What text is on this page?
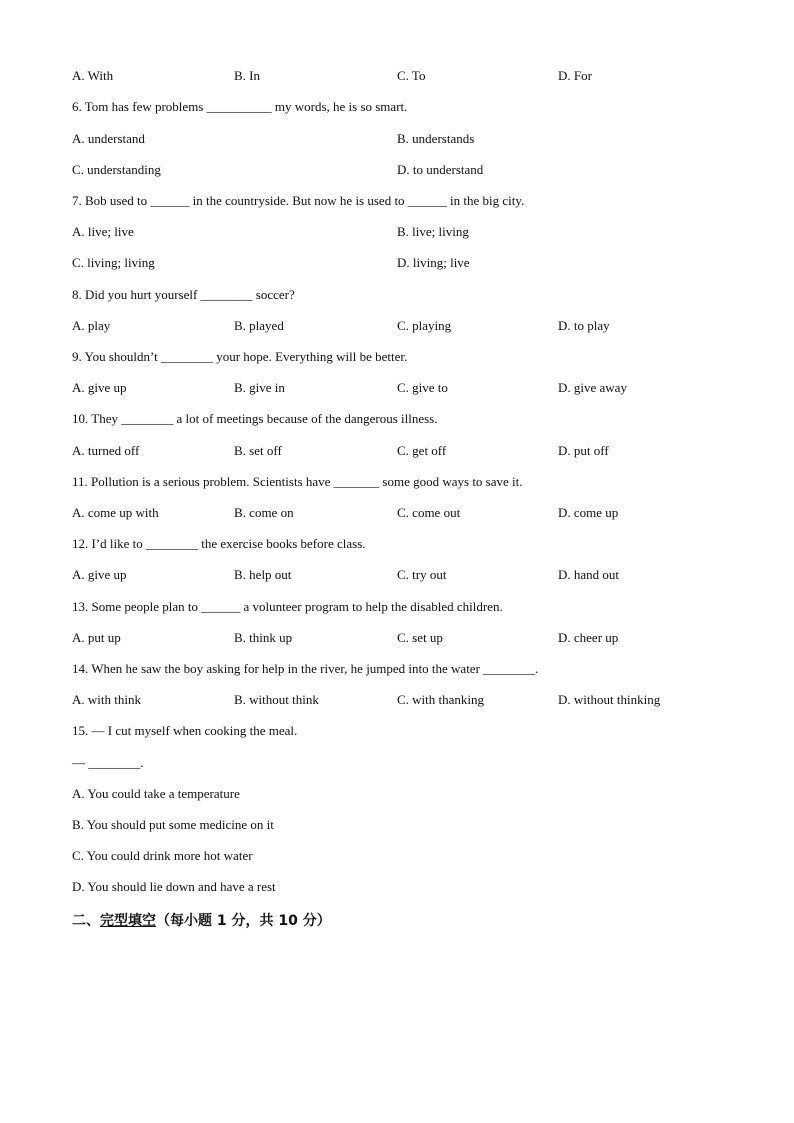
A. With	B. In	C. To	D. For
6. Tom has few problems __________ my words, he is so smart.
A. understand	B. understands
C. understanding	D. to understand
7. Bob used to ______ in the countryside. But now he is used to ______ in the big city.
A. live; live	B. live; living
C. living; living	D. living; live
8. Did you hurt yourself ________ soccer?
A. play	B. played	C. playing	D. to play
9. You shouldn’t ________ your hope. Everything will be better.
A. give up	B. give in	C. give to	D. give away
10. They ________ a lot of meetings because of the dangerous illness.
A. turned off	B. set off	C. get off	D. put off
11. Pollution is a serious problem. Scientists have _______ some good ways to save it.
A. come up with	B. come on	C. come out	D. come up
12. I’d like to ________ the exercise books before class.
A. give up	B. help out	C. try out	D. hand out
13. Some people plan to ______ a volunteer program to help the disabled children.
A. put up	B. think up	C. set up	D. cheer up
14. When he saw the boy asking for help in the river, he jumped into the water ________.
A. with think	B. without think	C. with thanking	D. without thinking
15. — I cut myself when cooking the meal.
— ________.
A. You could take a temperature
B. You should put some medicine on it
C. You could drink more hot water
D. You should lie down and have a rest
二、完型填空（每小题 1 分，共 10 分）
